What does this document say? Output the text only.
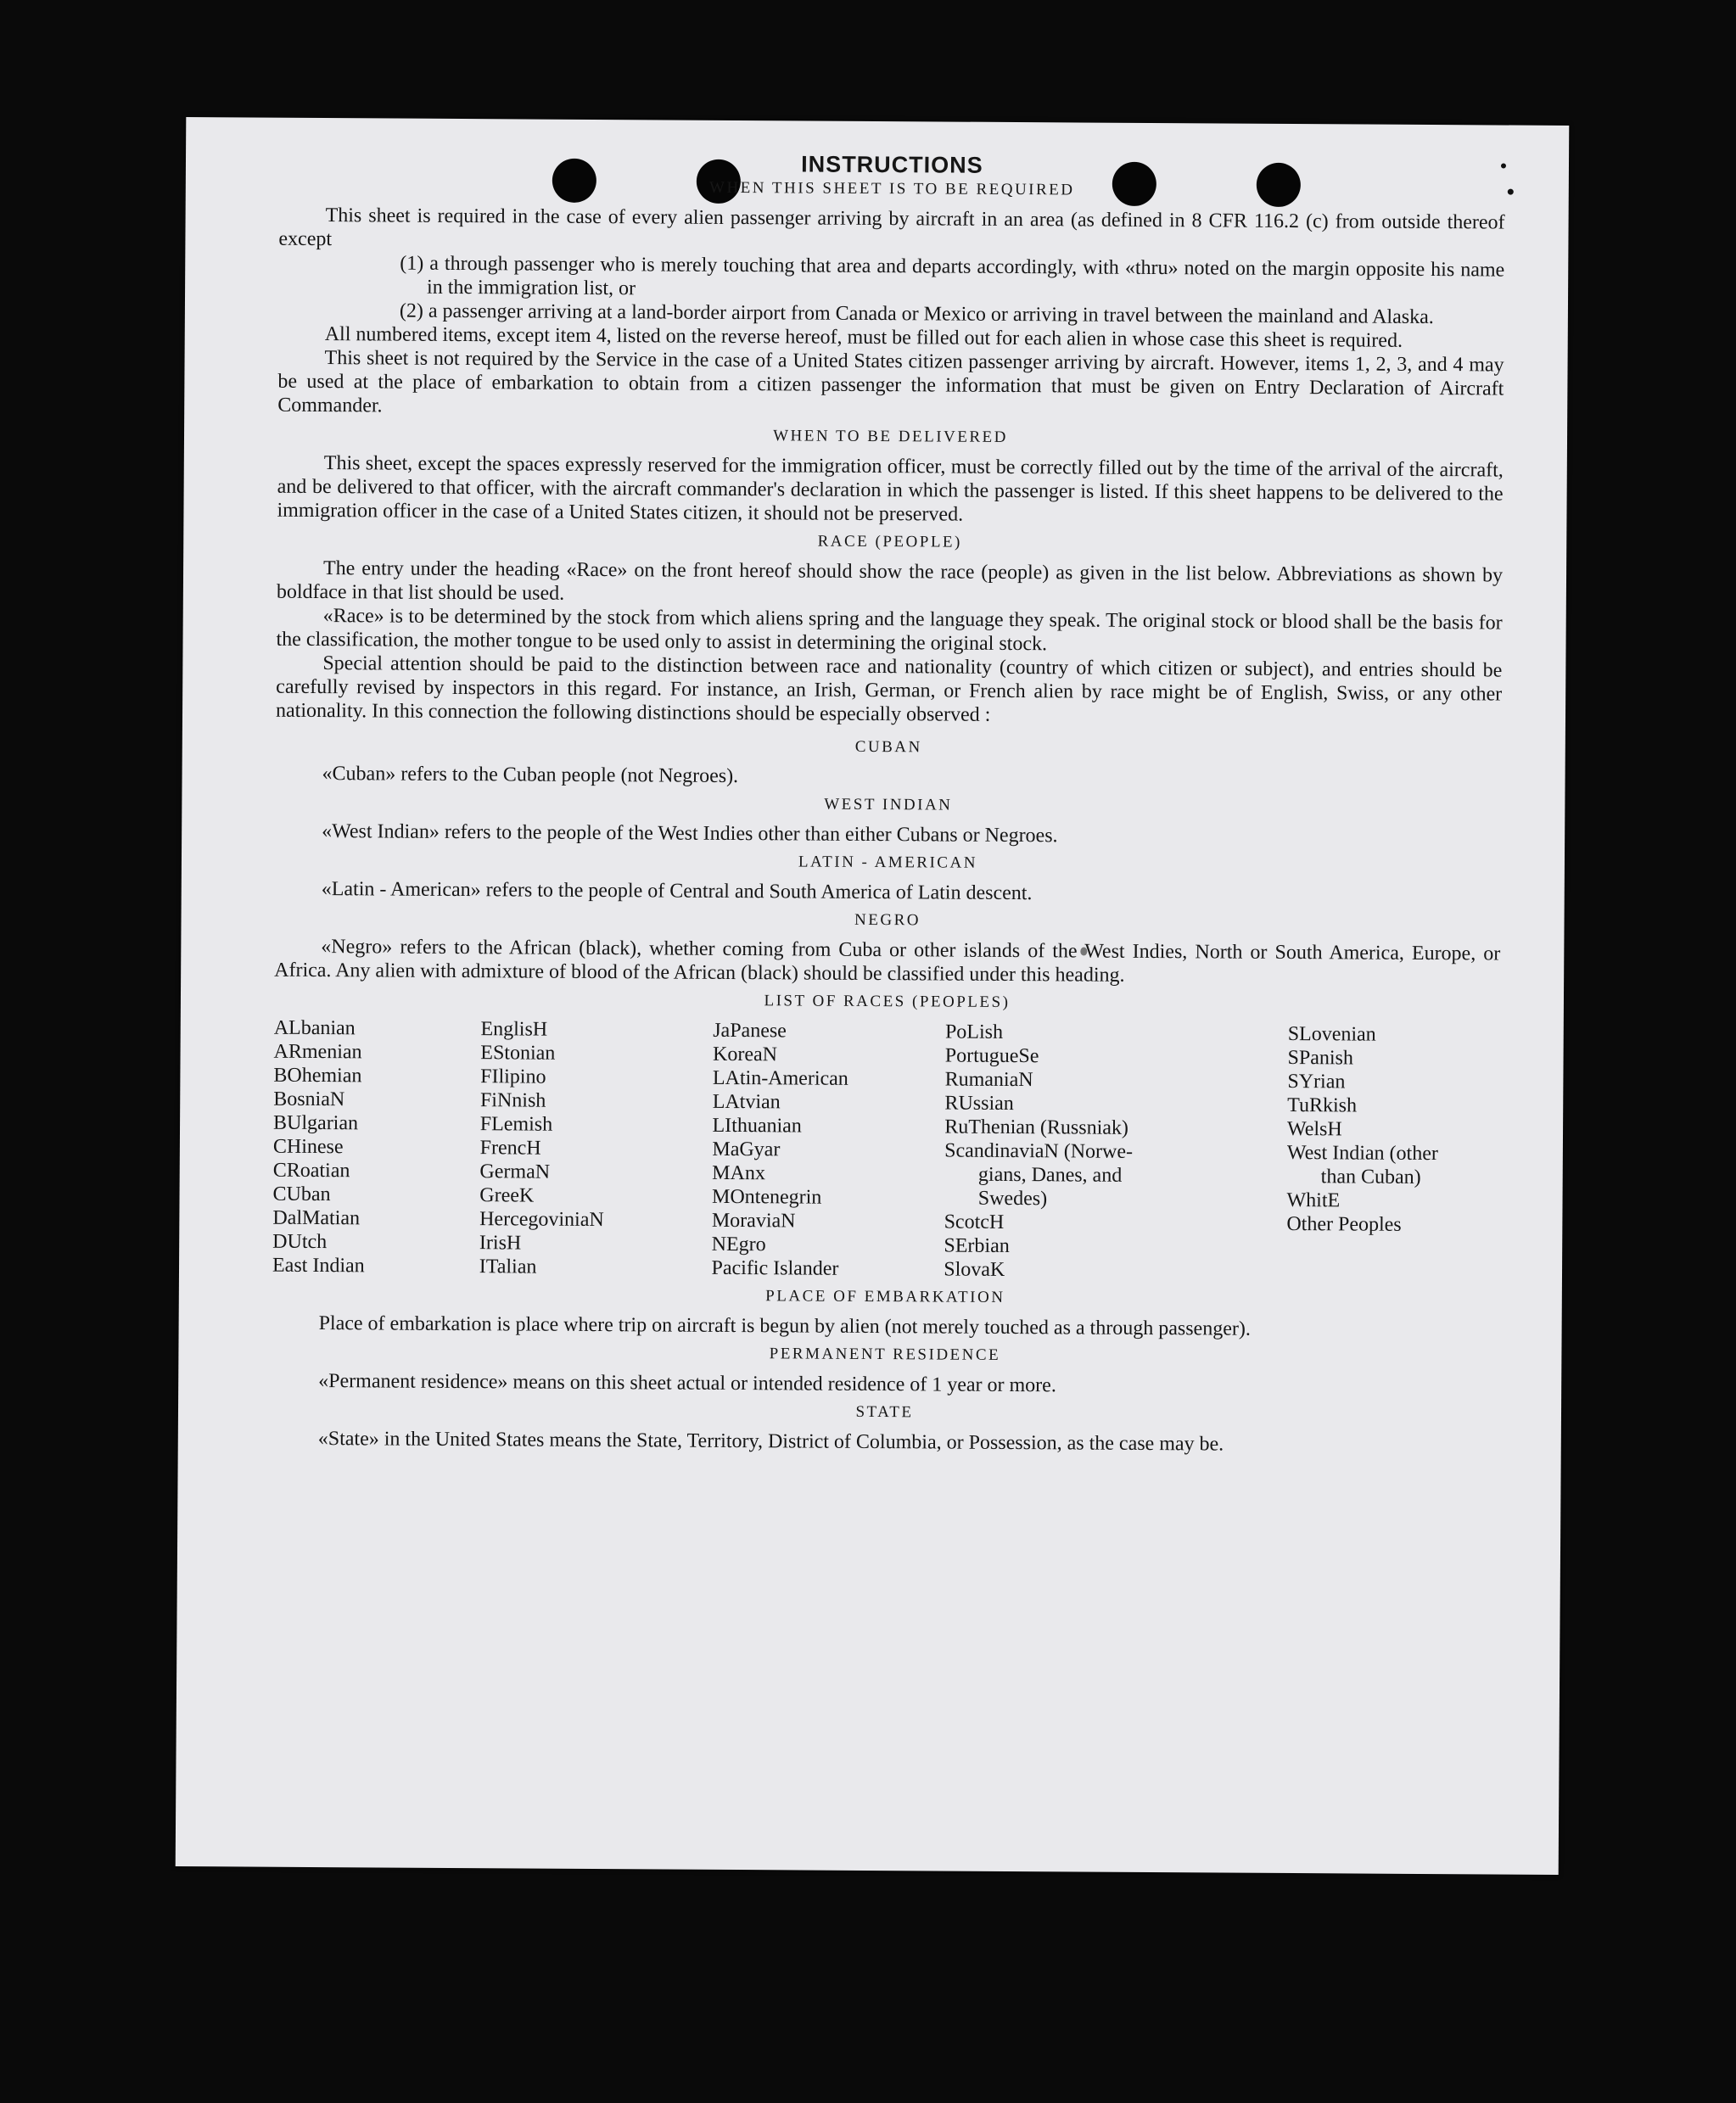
INSTRUCTIONS
WHEN THIS SHEET IS TO BE REQUIRED

This sheet is required in the case of every alien passenger arriving by aircraft in an area (as defined in 8 CFR 116.2 (c) from outside thereof except

(1) a through passenger who is merely touching that area and departs accordingly, with «thru» noted on the margin opposite his name in the immigration list, or

(2) a passenger arriving at a land-border airport from Canada or Mexico or arriving in travel between the mainland and Alaska.

All numbered items, except item 4, listed on the reverse hereof, must be filled out for each alien in whose case this sheet is required.

This sheet is not required by the Service in the case of a United States citizen passenger arriving by aircraft. However, items 1, 2, 3, and 4 may be used at the place of embarkation to obtain from a citizen passenger the information that must be given on Entry Declaration of Aircraft Commander.

WHEN TO BE DELIVERED

This sheet, except the spaces expressly reserved for the immigration officer, must be correctly filled out by the time of the arrival of the aircraft, and be delivered to that officer, with the aircraft commander's declaration in which the passenger is listed. If this sheet happens to be delivered to the immigration officer in the case of a United States citizen, it should not be preserved.

RACE (PEOPLE)

The entry under the heading «Race» on the front hereof should show the race (people) as given in the list below. Abbreviations as shown by boldface in that list should be used.

«Race» is to be determined by the stock from which aliens spring and the language they speak. The original stock or blood shall be the basis for the classification, the mother tongue to be used only to assist in determining the original stock.

Special attention should be paid to the distinction between race and nationality (country of which citizen or subject), and entries should be carefully revised by inspectors in this regard. For instance, an Irish, German, or French alien by race might be of English, Swiss, or any other nationality. In this connection the following distinctions should be especially observed :

CUBAN

«Cuban» refers to the Cuban people (not Negroes).

WEST INDIAN

«West Indian» refers to the people of the West Indies other than either Cubans or Negroes.

LATIN - AMERICAN

«Latin - American» refers to the people of Central and South America of Latin descent.

NEGRO

«Negro» refers to the African (black), whether coming from Cuba or other islands of the West Indies, North or South America, Europe, or Africa. Any alien with admixture of blood of the African (black) should be classified under this heading.

LIST OF RACES (PEOPLES)
ALbanian
ARmenian
BOhemian
BosniaN
BUlgarian
CHinese
CRoatian
CUban
DalMatian
DUtch
East Indian
EnglisH
EStonian
FIlipino
FiNnish
FLemish
FrencH
GermaN
GreeK
HercegoviniaN
IrisH
ITalian
JaPanese
KoreaN
LAtin-American
LAtvian
LIthuanian
MaGyar
MAnx
MOntenegrin
MoraviaN
NEgro
Pacific Islander
PoLish
PortugueSe
RumaniaN
RUssian
RuThenian (Russniak)
ScandinaviaN (Norwe-
gians, Danes, and
Swedes)
ScotcH
SErbian
SlovaK
SLovenian
SPanish
SYrian
TuRkish
WelsH
West Indian (other
than Cuban)
WhitE
Other Peoples
PLACE OF EMBARKATION

Place of embarkation is place where trip on aircraft is begun by alien (not merely touched as a through passenger).

PERMANENT RESIDENCE

«Permanent residence» means on this sheet actual or intended residence of 1 year or more.

STATE

«State» in the United States means the State, Territory, District of Columbia, or Possession, as the case may be.
